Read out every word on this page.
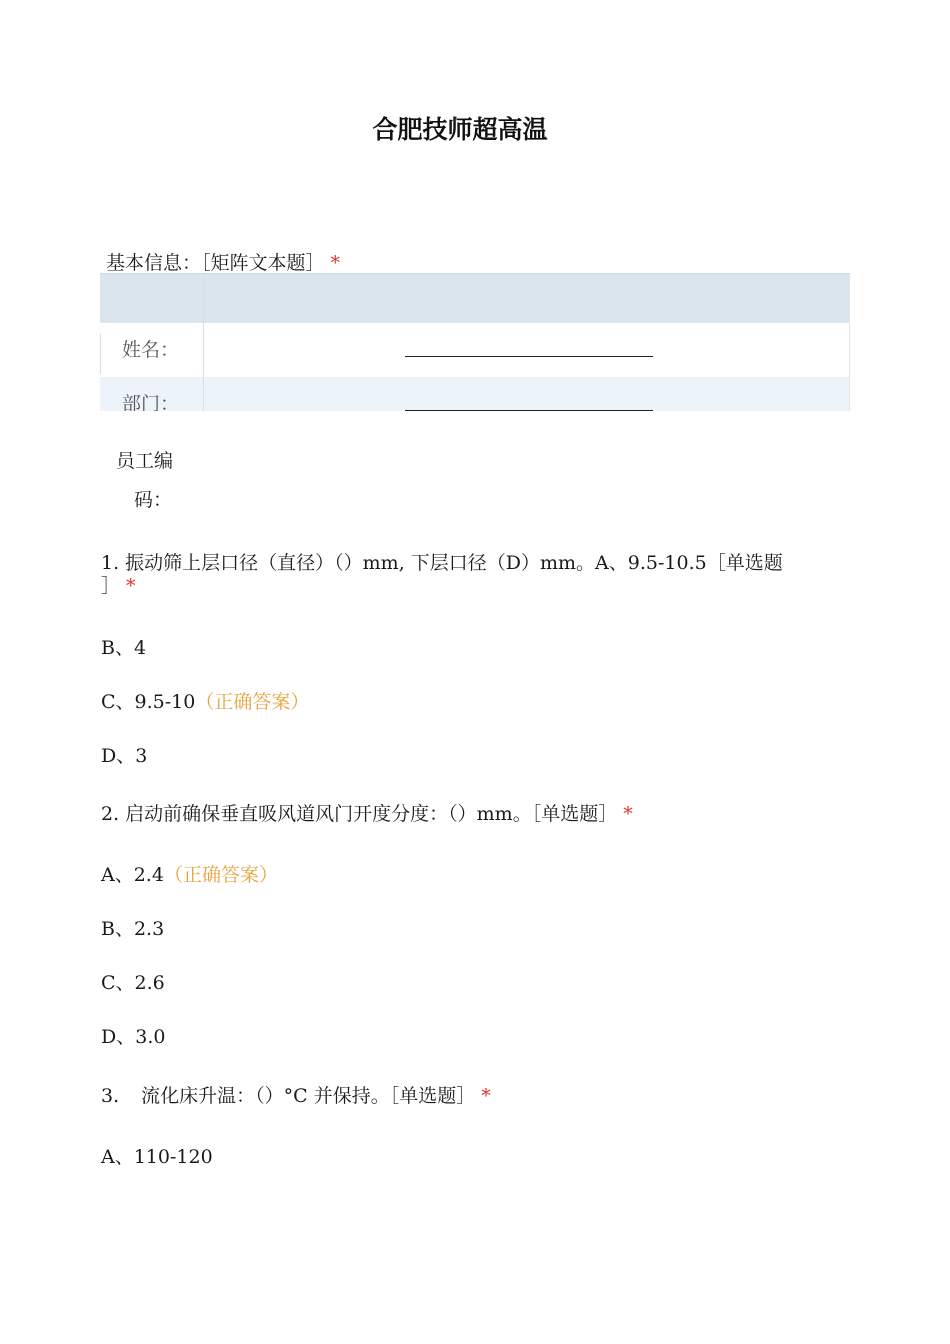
合肥技师超高温
基本信息：［矩阵文本题］ *
姓名：
部门：
员工编
码：
1. 振动筛上层口径（直径）（）mm, 下层口径（D）mm。A、9.5-10.5［单选题
］ *
B、4
C、9.5-10（正确答案）
D、3
2. 启动前确保垂直吸风道风门开度分度：（）mm。［单选题］ *
A、2.4（正确答案）
B、2.3
C、2.6
D、3.0
3. 流化床升温：（）°C 并保持。［单选题］ *
A、110-120
